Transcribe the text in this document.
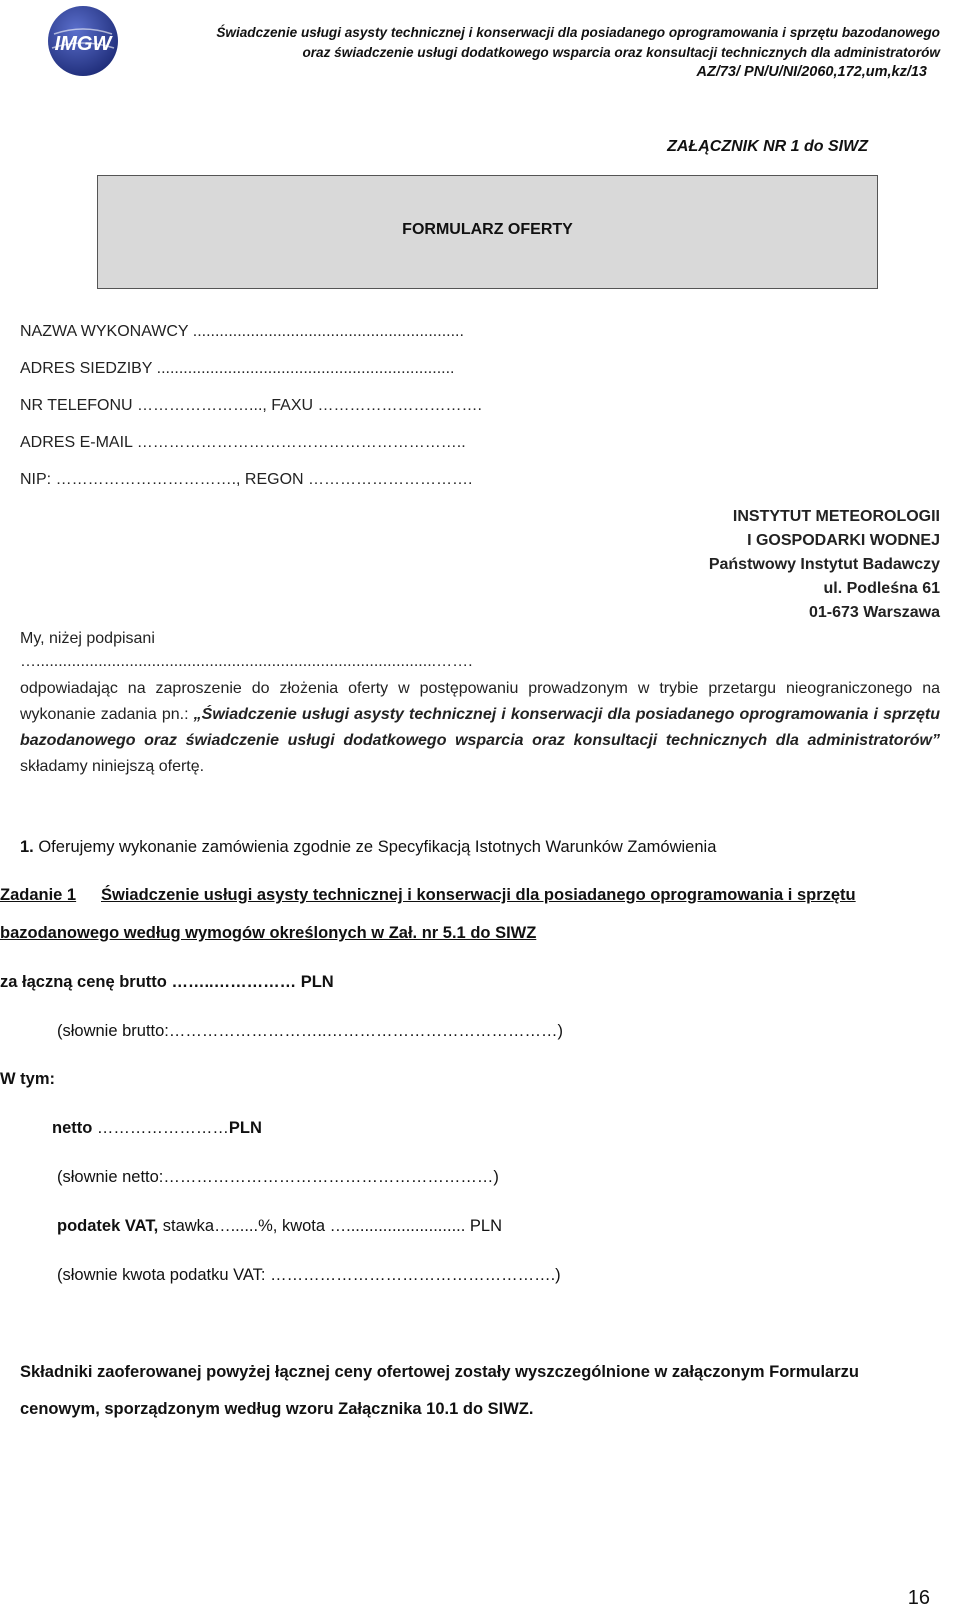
IMGW
Świadczenie usługi asysty technicznej i konserwacji dla posiadanego oprogramowania i sprzętu bazodanowego
oraz świadczenie usługi dodatkowego wsparcia oraz konsultacji technicznych dla administratorów
AZ/73/ PN/U/NI/2060,172,um,kz/13
ZAŁĄCZNIK NR 1 do SIWZ
FORMULARZ OFERTY
NAZWA WYKONAWCY .............................................................
ADRES SIEDZIBY ...................................................................
NR TELEFONU …………………..., FAXU ………………………….
ADRES E-MAIL ……………………………………………………..
NIP: ……………………………., REGON ………………………….
INSTYTUT METEOROLOGII
I GOSPODARKI WODNEJ
Państwowy Instytut Badawczy
ul. Podleśna 61
01-673 Warszawa
My, niżej podpisani
…..........................................................................................…….
odpowiadając na zaproszenie do złożenia oferty w postępowaniu prowadzonym w trybie przetargu nieograniczonego na wykonanie zadania pn.: „Świadczenie usługi asysty technicznej i konserwacji dla posiadanego oprogramowania i sprzętu bazodanowego oraz świadczenie usługi dodatkowego wsparcia oraz konsultacji technicznych dla administratorów” składamy niniejszą ofertę.
1. Oferujemy wykonanie zamówienia zgodnie ze Specyfikacją Istotnych Warunków Zamówienia
Zadanie 1 Świadczenie usługi asysty technicznej i konserwacji dla posiadanego oprogramowania i sprzętu
bazodanowego według wymogów określonych w Zał. nr 5.1 do SIWZ
za łączną cenę brutto ……..…………… PLN
(słownie brutto:………………………..……………………………………)
W tym:
netto ……………………PLN
(słownie netto:……………………………………………………)
podatek VAT, stawka…......%, kwota ….......................... PLN
(słownie kwota podatku VAT: …………………………………………….)
Składniki zaoferowanej powyżej łącznej ceny ofertowej zostały wyszczególnione w załączonym Formularzu
cenowym, sporządzonym według wzoru Załącznika 10.1 do SIWZ.
16
